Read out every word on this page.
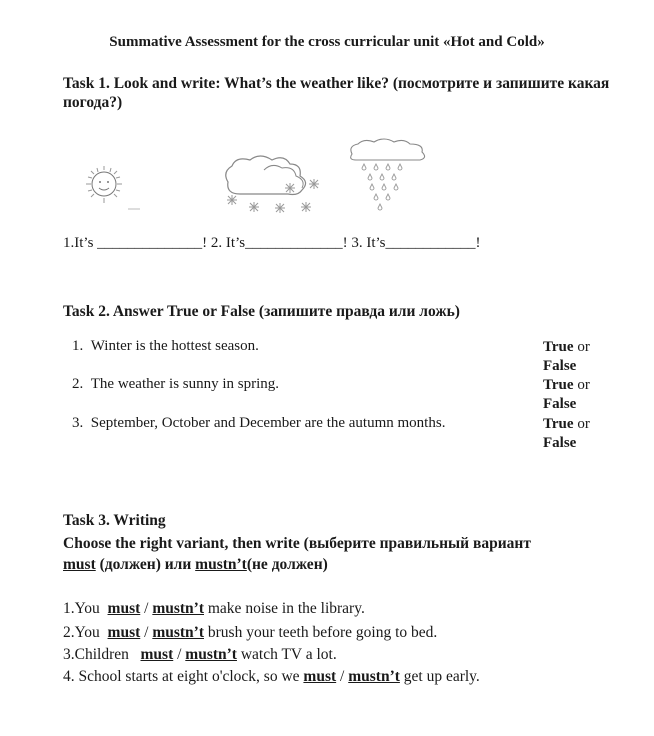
Summative Assessment for the cross curricular unit «Hot and Cold»
Task 1. Look and write: What’s the weather like? (посмотрите и запишите какая погода?)
1.It’s ______________! 2. It’s_____________! 3. It’s____________!
Task 2. Answer True or False (запишите правда или ложь)
1. Winter is the hottest season.
2. The weather is sunny in spring.
3. September, October and December are the autumn months.
True or
False
True or
False
True or
False
Task 3. Writing
Choose the right variant, then write (выберите правильный вариант
must (должен) или mustn’t(не должен)
1.You must / mustn’t make noise in the library.
2.You must / mustn’t brush your teeth before going to bed.
3.Children must / mustn’t watch TV a lot.
4. School starts at eight o'clock, so we must / mustn’t get up early.
